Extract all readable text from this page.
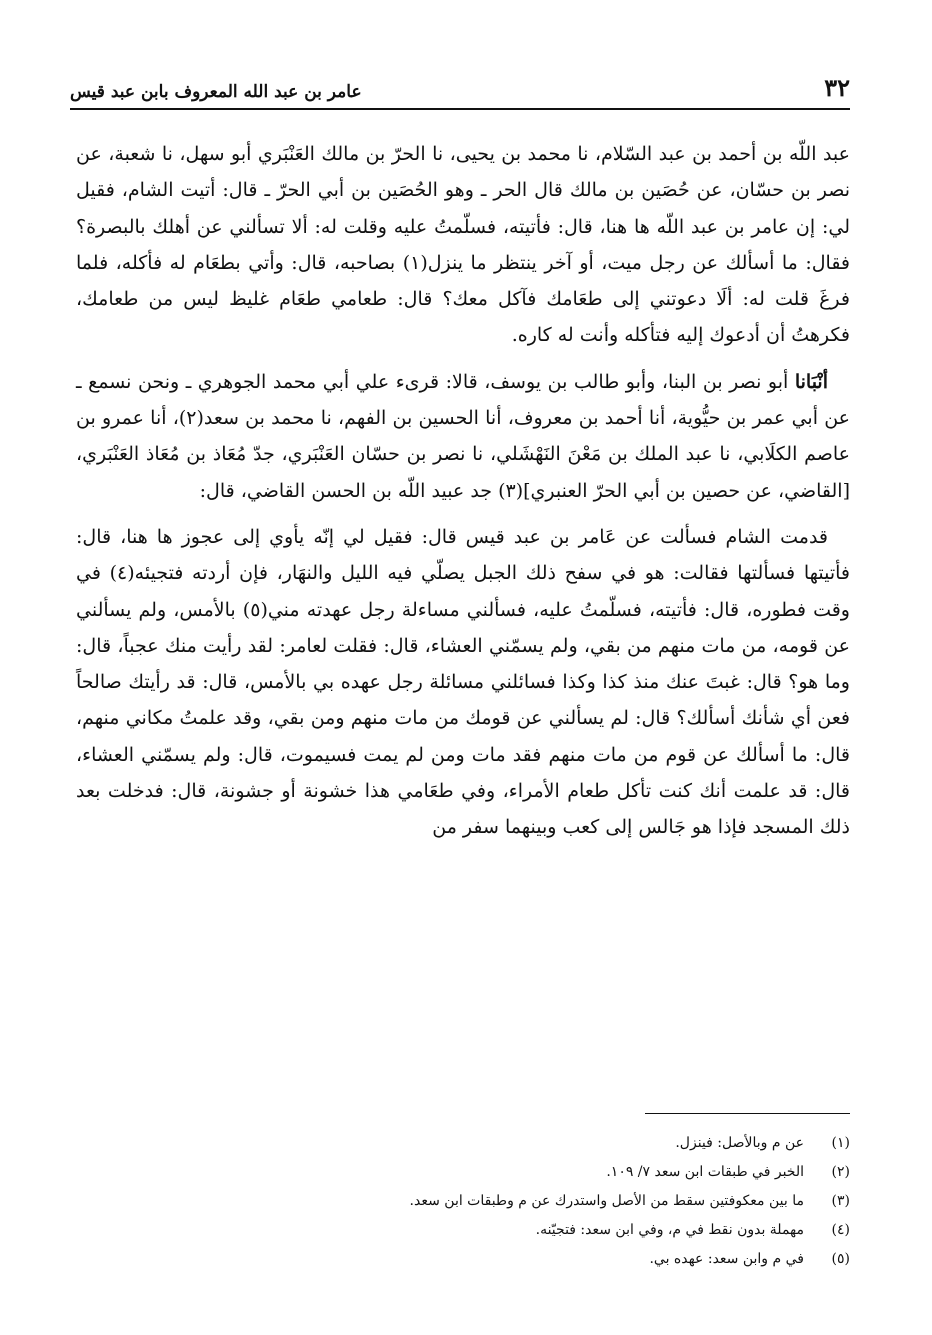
٣٢
عامر بن عبد الله المعروف بابن عبد قيس

عبد اللّه بن أحمد بن عبد السّلام، نا محمد بن يحيى، نا الحرّ بن مالك العَنْبَري أبو سهل، نا شعبة، عن نصر بن حسّان، عن حُصَين بن مالك قال الحر ـ وهو الحُصَين بن أبي الحرّ ـ قال: أتيت الشام، فقيل لي: إن عامر بن عبد اللّه ها هنا، قال: فأتيته، فسلّمتُ عليه وقلت له: ألا تسألني عن أهلك بالبصرة؟ فقال: ما أسألك عن رجل ميت، أو آخر ينتظر ما ينزل(١) بصاحبه، قال: وأتي بطعَام له فأكله، فلما فرغَ قلت له: ألَا دعوتني إلى طعَامك فآكل معك؟ قال: طعامي طعَام غليظ ليس من طعامك، فكرهتُ أن أدعوك إليه فتأكله وأنت له كاره.

أنْبَانا أبو نصر بن البنا، وأبو طالب بن يوسف، قالا: قرىء علي أبي محمد الجوهري ـ ونحن نسمع ـ عن أبي عمر بن حيُّوية، أنا أحمد بن معروف، أنا الحسين بن الفهم، نا محمد بن سعد(٢)، أنا عمرو بن عاصم الكلَابي، نا عبد الملك بن مَعْنَ النَهْشَلي، نا نصر بن حسّان العَنْبَري، جدّ مُعَاذ بن مُعَاذ العَنْبَري، [القاضي، عن حصين بن أبي الحرّ العنبري](٣) جد عبيد اللّه بن الحسن القاضي، قال:

قدمت الشام فسألت عن عَامر بن عبد قيس قال: فقيل لي إنّه يأوي إلى عجوز ها هنا، قال: فأتيتها فسألتها فقالت: هو في سفح ذلك الجبل يصلّي فيه الليل والنهَار، فإن أردته فتجيئه(٤) في وقت فطوره، قال: فأتيته، فسلّمتُ عليه، فسألني مساءلة رجل عهدته مني(٥) بالأمس، ولم يسألني عن قومه، من مات منهم من بقي، ولم يسمّني العشاء، قال: فقلت لعامر: لقد رأيت منك عجباً، قال: وما هو؟ قال: غبتَ عنك منذ كذا وكذا فسائلني مسائلة رجل عهده بي بالأمس، قال: قد رأيتك صالحاً فعن أي شأنك أسألك؟ قال: لم يسألني عن قومك من مات منهم ومن بقي، وقد علمتُ مكاني منهم، قال: ما أسألك عن قوم من مات منهم فقد مات ومن لم يمت فسيموت، قال: ولم يسمّني العشاء، قال: قد علمت أنك كنت تأكل طعام الأمراء، وفي طعَامي هذا خشونة أو جشونة، قال: فدخلت بعد ذلك المسجد فإذا هو جَالس إلى كعب وبينهما سفر من

(١)
عن م وبالأصل: فينزل.
(٢)
الخبر في طبقات ابن سعد ٧/ ١٠٩.
(٣)
ما بين معكوفتين سقط من الأصل واستدرك عن م وطبقات ابن سعد.
(٤)
مهملة بدون نقط في م، وفي ابن سعد: فتجيّنه.
(٥)
في م وابن سعد: عهده بي.
